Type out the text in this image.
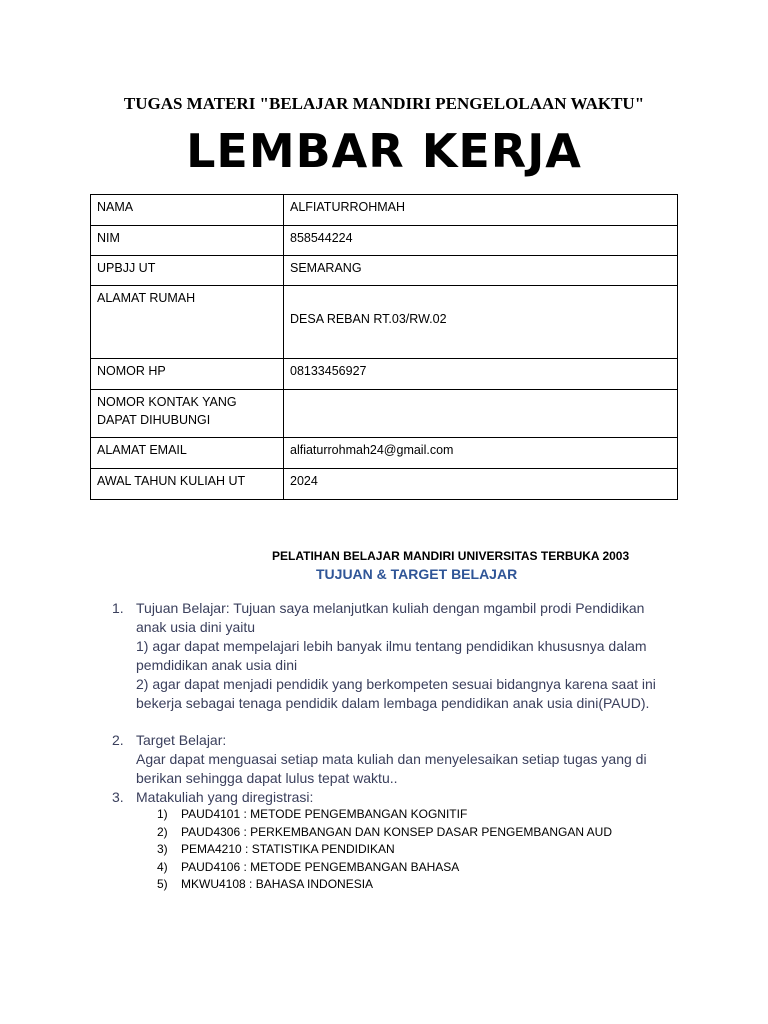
TUGAS MATERI "BELAJAR MANDIRI PENGELOLAAN WAKTU"
LEMBAR KERJA
NAMA	ALFIATURROHMAH
NIM	858544224
UPBJJ UT	SEMARANG
ALAMAT RUMAH	DESA REBAN RT.03/RW.02

NOMOR HP	08133456927
NOMOR KONTAK YANG DAPAT DIHUBUNGI	
ALAMAT EMAIL	alfiaturrohmah24@gmail.com
AWAL TAHUN KULIAH UT	2024
PELATIHAN BELAJAR MANDIRI UNIVERSITAS TERBUKA 2003
TUJUAN & TARGET BELAJAR
1. Tujuan Belajar: Tujuan saya melanjutkan kuliah dengan mgambil prodi Pendidikan anak usia dini yaitu
1) agar dapat mempelajari lebih banyak ilmu tentang pendidikan khususnya dalam pemdidikan anak usia dini
2) agar dapat menjadi pendidik yang berkompeten sesuai bidangnya karena saat ini bekerja sebagai tenaga pendidik dalam lembaga pendidikan anak usia dini(PAUD).
2. Target Belajar:
Agar dapat menguasai setiap mata kuliah dan menyelesaikan setiap tugas yang di berikan sehingga dapat lulus tepat waktu..
3. Matakuliah yang diregistrasi:
1) PAUD4101 : METODE PENGEMBANGAN KOGNITIF
2) PAUD4306 : PERKEMBANGAN DAN KONSEP DASAR PENGEMBANGAN AUD
3) PEMA4210 : STATISTIKA PENDIDIKAN
4) PAUD4106 : METODE PENGEMBANGAN BAHASA
5) MKWU4108 : BAHASA INDONESIA
